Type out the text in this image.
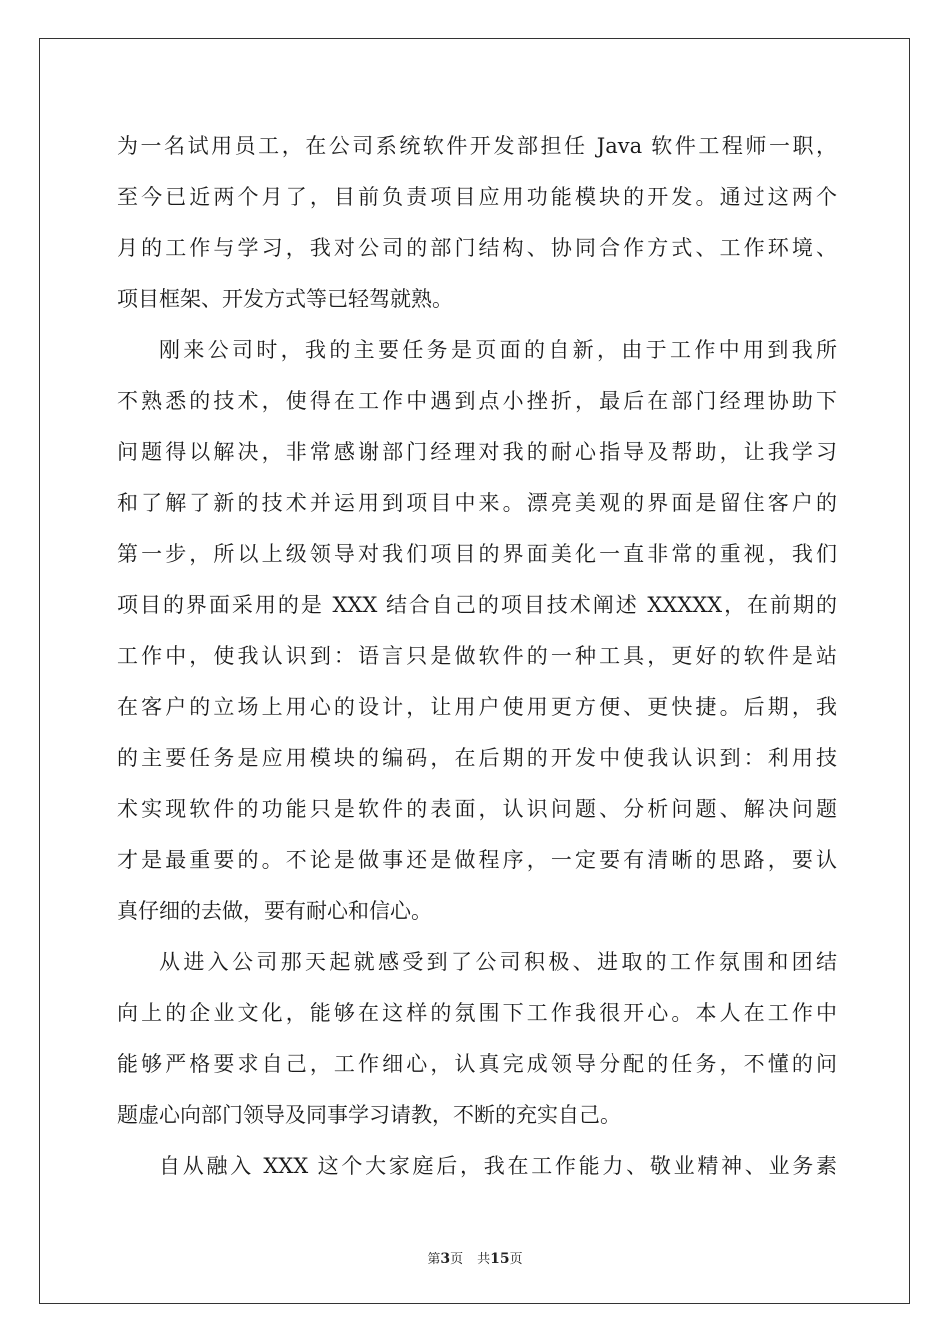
为一名试用员工，在公司系统软件开发部担任 Java 软件工程师一职，
至今已近两个月了，目前负责项目应用功能模块的开发。通过这两个
月的工作与学习，我对公司的部门结构、协同合作方式、工作环境、
项目框架、开发方式等已轻驾就熟。
刚来公司时，我的主要任务是页面的自新，由于工作中用到我所
不熟悉的技术，使得在工作中遇到点小挫折，最后在部门经理协助下
问题得以解决，非常感谢部门经理对我的耐心指导及帮助，让我学习
和了解了新的技术并运用到项目中来。漂亮美观的界面是留住客户的
第一步，所以上级领导对我们项目的界面美化一直非常的重视，我们
项目的界面采用的是 XXX 结合自己的项目技术阐述 XXXXX，在前期的
工作中，使我认识到：语言只是做软件的一种工具，更好的软件是站
在客户的立场上用心的设计，让用户使用更方便、更快捷。后期，我
的主要任务是应用模块的编码，在后期的开发中使我认识到：利用技
术实现软件的功能只是软件的表面，认识问题、分析问题、解决问题
才是最重要的。不论是做事还是做程序，一定要有清晰的思路，要认
真仔细的去做，要有耐心和信心。
从进入公司那天起就感受到了公司积极、进取的工作氛围和团结
向上的企业文化，能够在这样的氛围下工作我很开心。本人在工作中
能够严格要求自己，工作细心，认真完成领导分配的任务，不懂的问
题虚心向部门领导及同事学习请教，不断的充实自己。
自从融入 XXX 这个大家庭后，我在工作能力、敬业精神、业务素
第3页 共15页
